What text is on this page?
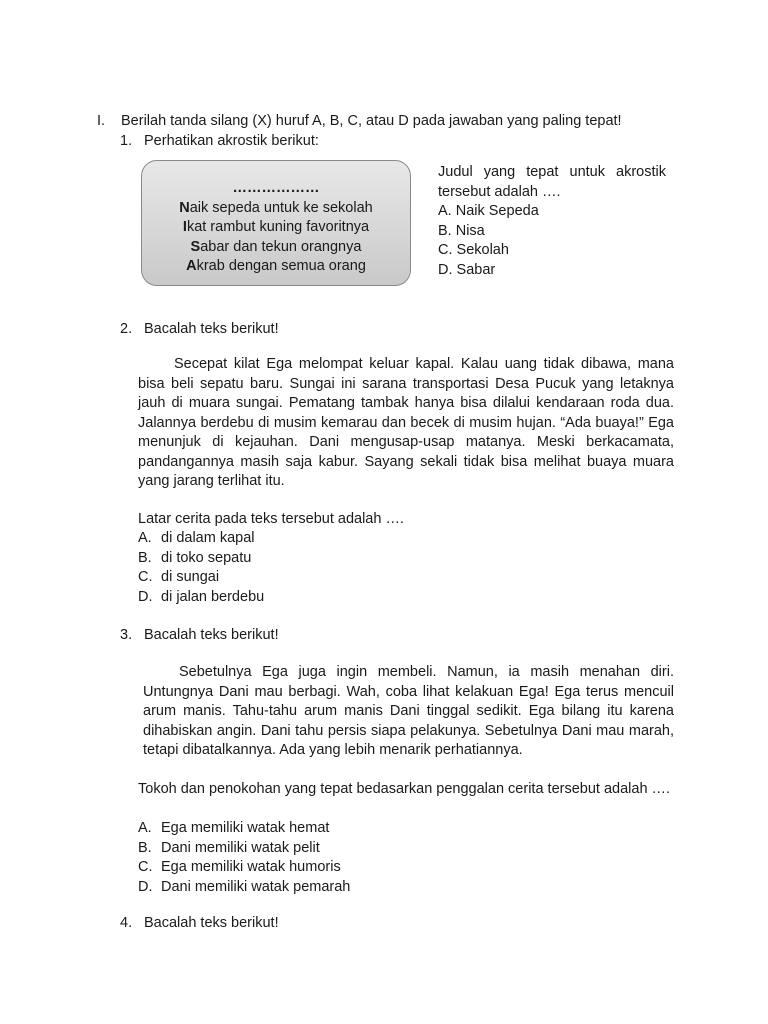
I. Berilah tanda silang (X) huruf A, B, C, atau D pada jawaban yang paling tepat!
1. Perhatikan akrostik berikut:
………………
Naik sepeda untuk ke sekolah
Ikat rambut kuning favoritnya
Sabar dan tekun orangnya
Akrab dengan semua orang
Judul yang tepat untuk akrostik tersebut adalah ….
A. Naik Sepeda
B. Nisa
C. Sekolah
D. Sabar
2. Bacalah teks berikut!

Secepat kilat Ega melompat keluar kapal. Kalau uang tidak dibawa, mana bisa beli sepatu baru. Sungai ini sarana transportasi Desa Pucuk yang letaknya jauh di muara sungai. Pematang tambak hanya bisa dilalui kendaraan roda dua. Jalannya berdebu di musim kemarau dan becek di musim hujan. “Ada buaya!” Ega menunjuk di kejauhan. Dani mengusap-usap matanya. Meski berkacamata, pandangannya masih saja kabur. Sayang sekali tidak bisa melihat buaya muara yang jarang terlihat itu.

Latar cerita pada teks tersebut adalah ….
A. di dalam kapal
B. di toko sepatu
C. di sungai
D. di jalan berdebu
3. Bacalah teks berikut!

Sebetulnya Ega juga ingin membeli. Namun, ia masih menahan diri. Untungnya Dani mau berbagi. Wah, coba lihat kelakuan Ega! Ega terus mencuil arum manis. Tahu-tahu arum manis Dani tinggal sedikit. Ega bilang itu karena dihabiskan angin. Dani tahu persis siapa pelakunya. Sebetulnya Dani mau marah, tetapi dibatalkannya. Ada yang lebih menarik perhatiannya.

Tokoh dan penokohan yang tepat bedasarkan penggalan cerita tersebut adalah ….
A. Ega memiliki watak hemat
B. Dani memiliki watak pelit
C. Ega memiliki watak humoris
D. Dani memiliki watak pemarah
4. Bacalah teks berikut!
